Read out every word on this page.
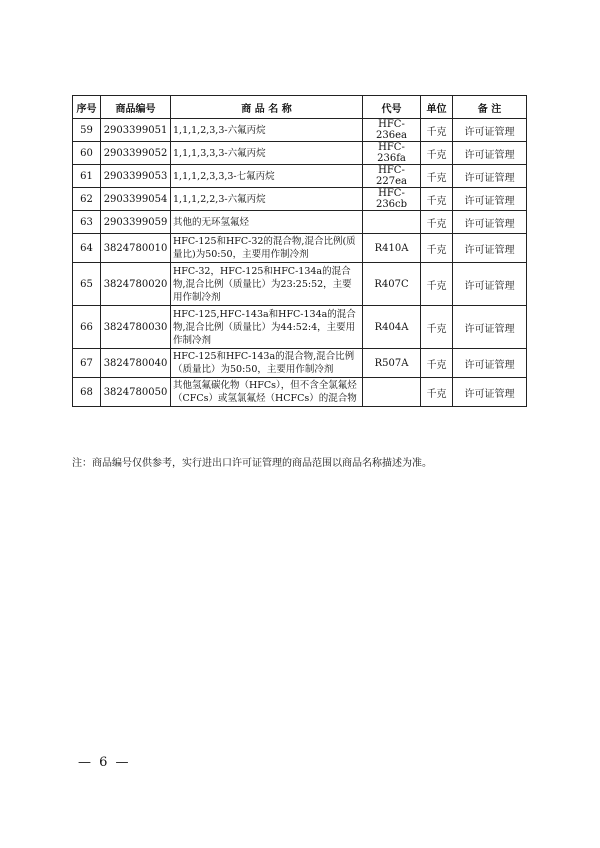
序号	商品编号	商 品 名 称	代号	单位	备 注
59	2903399051	1,1,1,2,3,3-六氟丙烷	HFC-236ea	千克	许可证管理
60	2903399052	1,1,1,3,3,3-六氟丙烷	HFC-236fa	千克	许可证管理
61	2903399053	1,1,1,2,3,3,3-七氟丙烷	HFC-227ea	千克	许可证管理
62	2903399054	1,1,1,2,2,3-六氟丙烷	HFC-236cb	千克	许可证管理
63	2903399059	其他的无环氢氟烃		千克	许可证管理
64	3824780010	HFC-125和HFC-32的混合物,混合比例(质量比)为50:50，主要用作制冷剂	R410A	千克	许可证管理
65	3824780020	HFC-32，HFC-125和HFC-134a的混合物,混合比例（质量比）为23:25:52，主要用作制冷剂	R407C	千克	许可证管理
66	3824780030	HFC-125,HFC-143a和HFC-134a的混合物,混合比例（质量比）为44:52:4，主要用作制冷剂	R404A	千克	许可证管理
67	3824780040	HFC-125和HFC-143a的混合物,混合比例（质量比）为50:50，主要用作制冷剂	R507A	千克	许可证管理
68	3824780050	其他氢氟碳化物（HFCs），但不含全氯氟烃（CFCs）或氢氯氟烃（HCFCs）的混合物		千克	许可证管理
注：商品编号仅供参考，实行进出口许可证管理的商品范围以商品名称描述为准。
— 6 —
